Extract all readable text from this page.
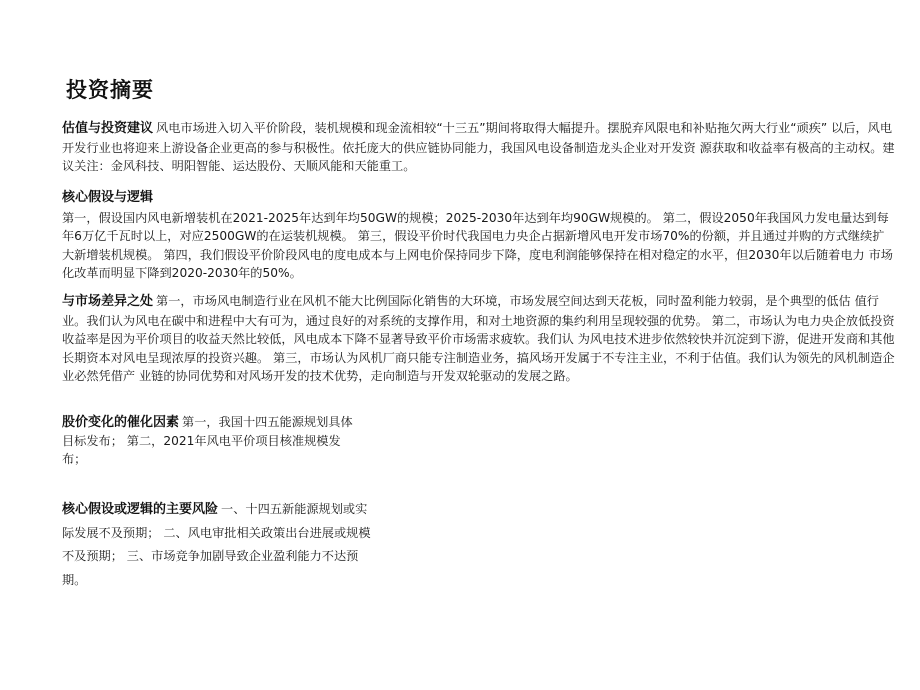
投资摘要

估值与投资建议 风电市场进入切入平价阶段，装机规模和现金流相较“十三五”期间将取得大幅提升。摆脱弃风限电和补贴拖欠两大行业“顽疾” 以后，风电开发行业也将迎来上游设备企业更高的参与积极性。依托庞大的供应链协同能力，我国风电设备制造龙头企业对开发资 源获取和收益率有极高的主动权。建议关注：金风科技、明阳智能、运达股份、天顺风能和天能重工。

核心假设与逻辑
第一，假设国内风电新增装机在2021-2025年达到年均50GW的规模；2025-2030年达到年均90GW规模的。 第二，假设2050年我国风力发电量达到每年6万亿千瓦时以上，对应2500GW的在运装机规模。 第三，假设平价时代我国电力央企占据新增风电开发市场70%的份额，并且通过并购的方式继续扩大新增装机规模。 第四，我们假设平价阶段风电的度电成本与上网电价保持同步下降，度电利润能够保持在相对稳定的水平，但2030年以后随着电力 市场化改革而明显下降到2020-2030年的50%。

与市场差异之处 第一，市场风电制造行业在风机不能大比例国际化销售的大环境，市场发展空间达到天花板，同时盈利能力较弱，是个典型的低估 值行业。我们认为风电在碳中和进程中大有可为，通过良好的对系统的支撑作用，和对土地资源的集约利用呈现较强的优势。 第二，市场认为电力央企放低投资收益率是因为平价项目的收益天然比较低，风电成本下降不显著导致平价市场需求疲软。我们认 为风电技术进步依然较快并沉淀到下游，促进开发商和其他长期资本对风电呈现浓厚的投资兴趣。 第三，市场认为风机厂商只能专注制造业务，搞风场开发属于不专注主业，不利于估值。我们认为领先的风机制造企业必然凭借产 业链的协同优势和对风场开发的技术优势，走向制造与开发双轮驱动的发展之路。

股价变化的催化因素 第一，我国十四五能源规划具体目标发布； 第二，2021年风电平价项目核准规模发布；

核心假设或逻辑的主要风险 一、十四五新能源规划或实际发展不及预期； 二、风电审批相关政策出台进展或规模不及预期； 三、市场竞争加剧导致企业盈利能力不达预期。
